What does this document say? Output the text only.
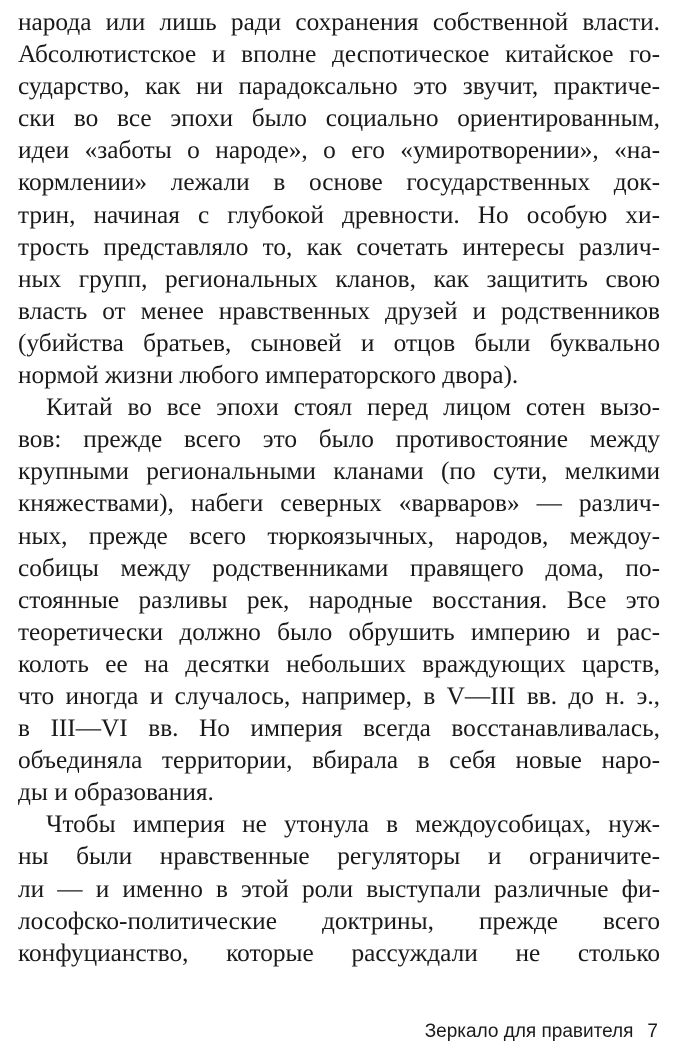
народа или лишь ради сохранения собственной власти.
Абсолютистское и вполне деспотическое китайское го-
сударство, как ни парадоксально это звучит, практиче-
ски во все эпохи было социально ориентированным,
идеи «заботы о народе», о его «умиротворении», «на-
кормлении» лежали в основе государственных док-
трин, начиная с глубокой древности. Но особую хи-
трость представляло то, как сочетать интересы различ-
ных групп, региональных кланов, как защитить свою
власть от менее нравственных друзей и родственников
(убийства братьев, сыновей и отцов были буквально
нормой жизни любого императорского двора).
Китай во все эпохи стоял перед лицом сотен вызо-
вов: прежде всего это было противостояние между
крупными региональными кланами (по сути, мелкими
княжествами), набеги северных «варваров» — различ-
ных, прежде всего тюркоязычных, народов, междоу-
собицы между родственниками правящего дома, по-
стоянные разливы рек, народные восстания. Все это
теоретически должно было обрушить империю и рас-
колоть ее на десятки небольших враждующих царств,
что иногда и случалось, например, в V—III вв. до н. э.,
в III—VI вв. Но империя всегда восстанавливалась,
объединяла территории, вбирала в себя новые наро-
ды и образования.
Чтобы империя не утонула в междоусобицах, нуж-
ны были нравственные регуляторы и ограничите-
ли — и именно в этой роли выступали различные фи-
лософско-политические доктрины, прежде всего
конфуцианство, которые рассуждали не столько
Зеркало для правителя 7
